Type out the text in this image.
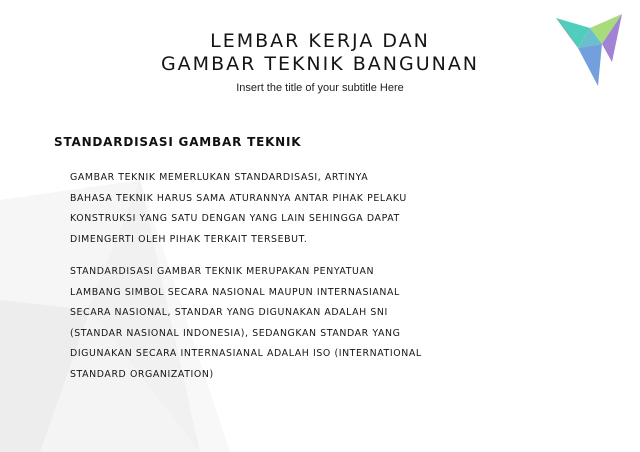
LEMBAR KERJA DAN
GAMBAR TEKNIK BANGUNAN
Insert the title of your subtitle Here
STANDARDISASI GAMBAR TEKNIK
GAMBAR TEKNIK MEMERLUKAN STANDARDISASI, ARTINYA
BAHASA TEKNIK HARUS SAMA ATURANNYA ANTAR PIHAK PELAKU
KONSTRUKSI YANG SATU DENGAN YANG LAIN SEHINGGA DAPAT
DIMENGERTI OLEH PIHAK TERKAIT TERSEBUT.
STANDARDISASI GAMBAR TEKNIK MERUPAKAN PENYATUAN
LAMBANG SIMBOL SECARA NASIONAL MAUPUN INTERNASIANAL
SECARA NASIONAL, STANDAR YANG DIGUNAKAN ADALAH SNI
(STANDAR NASIONAL INDONESIA), SEDANGKAN STANDAR YANG
DIGUNAKAN SECARA INTERNASIANAL ADALAH ISO (INTERNATIONAL
STANDARD ORGANIZATION)
